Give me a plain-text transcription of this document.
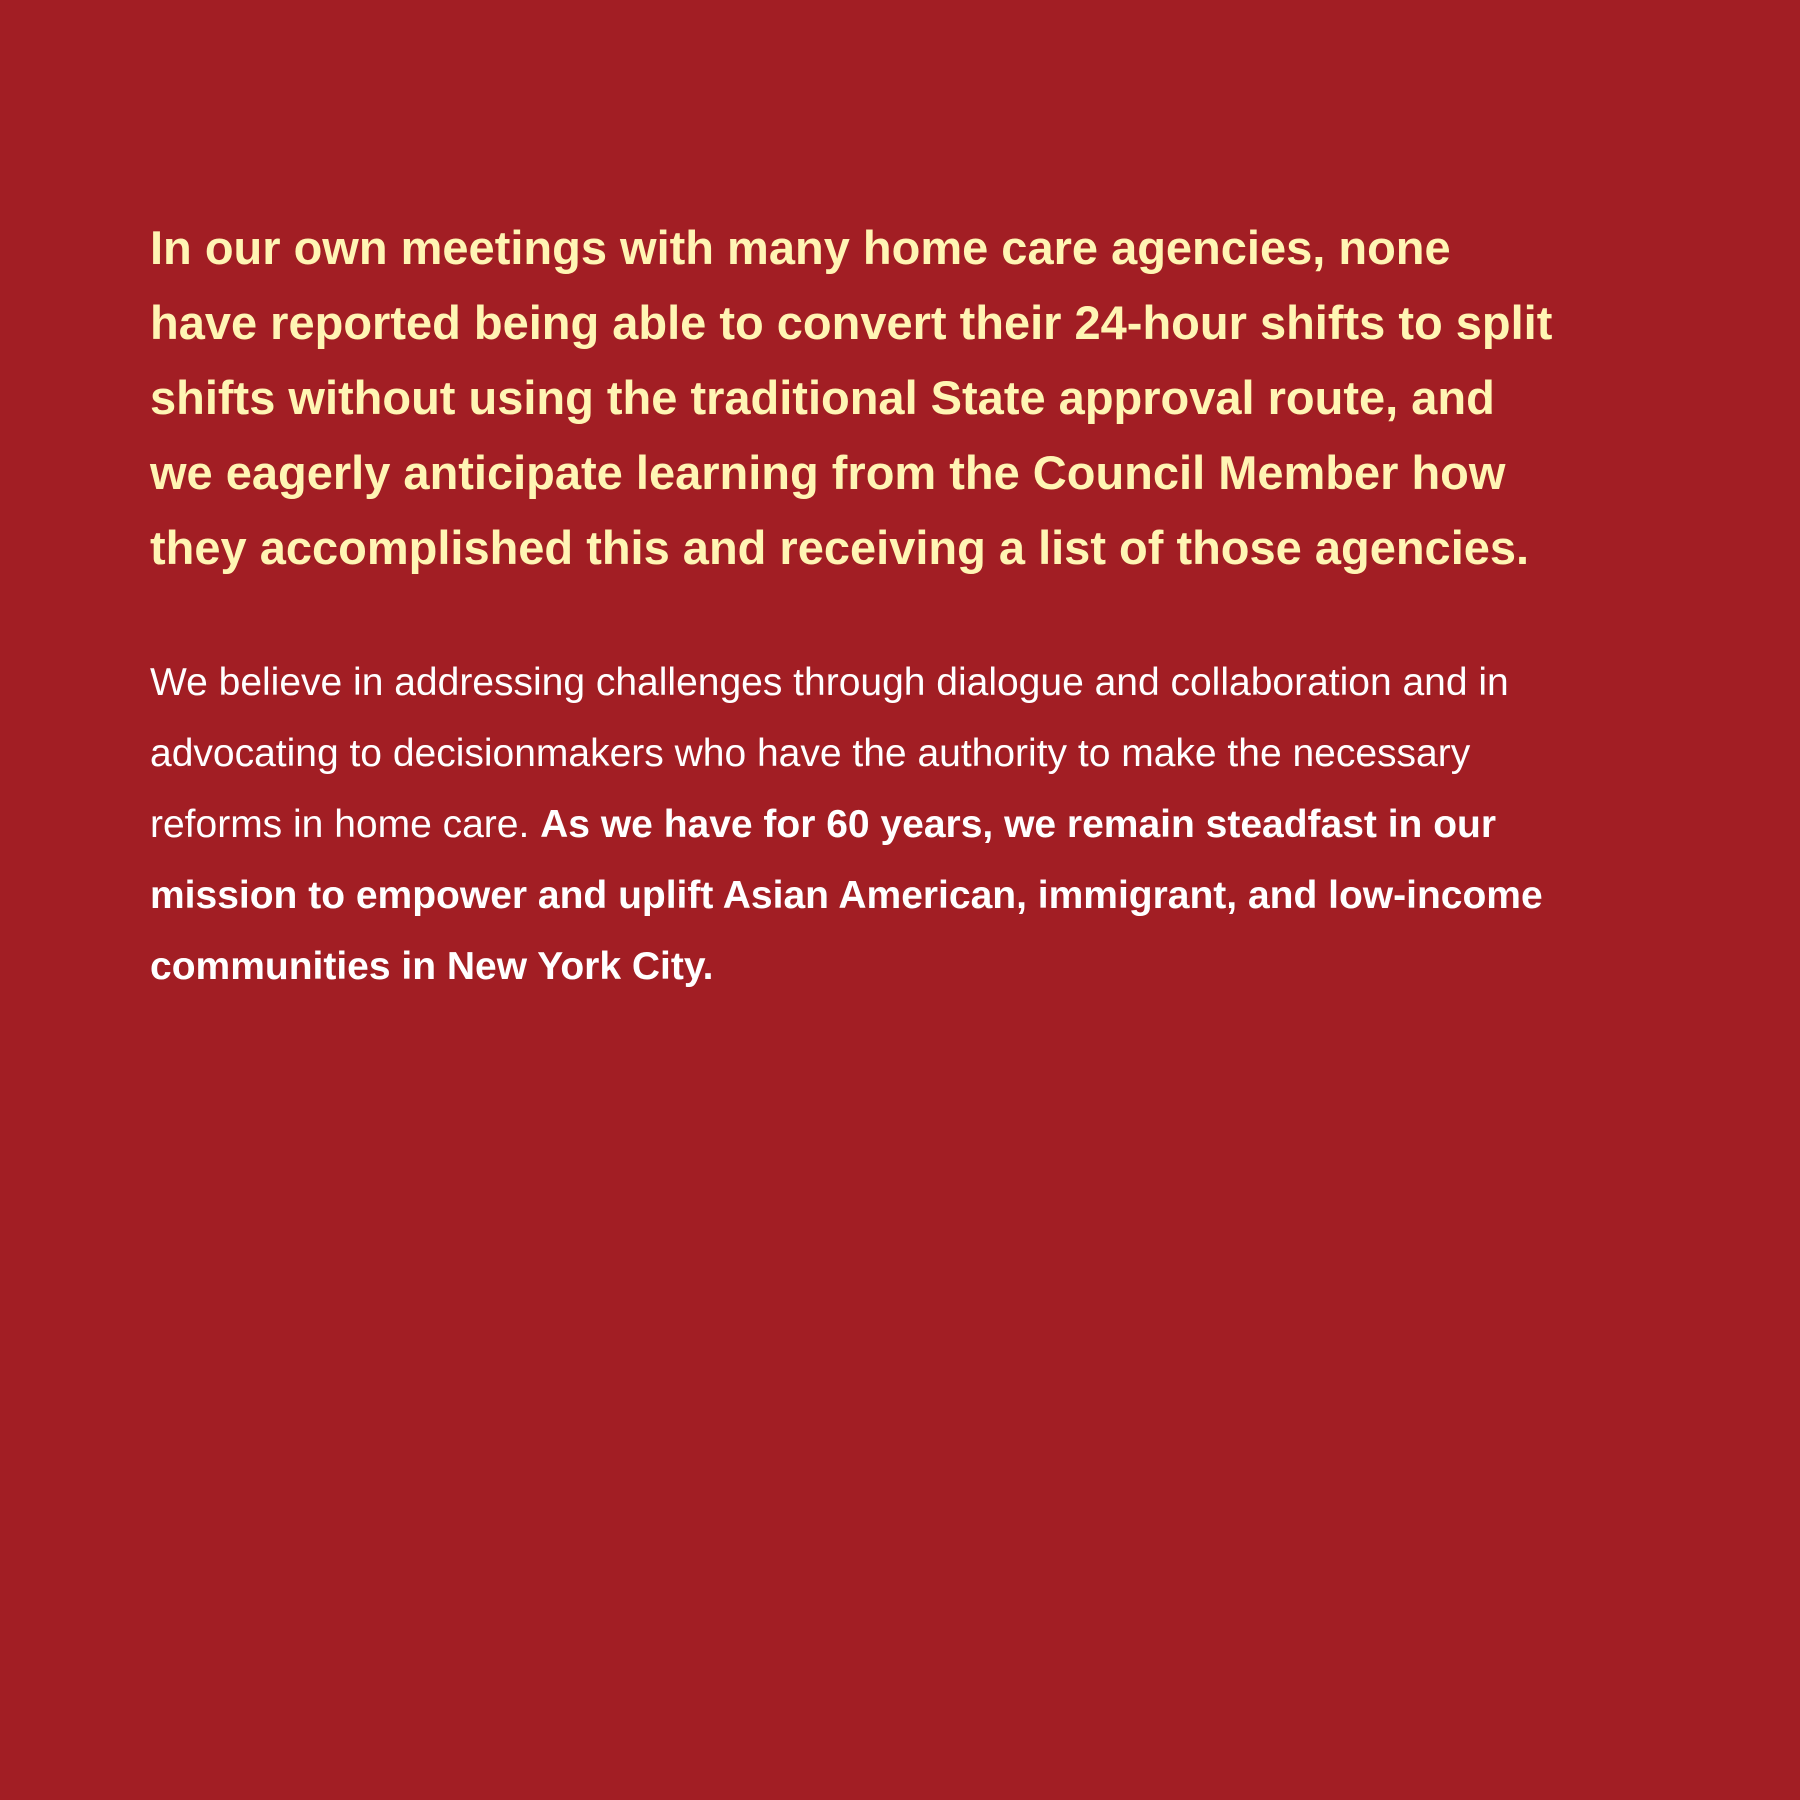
In our own meetings with many home care agencies, none
have reported being able to convert their 24-hour shifts to split
shifts without using the traditional State approval route, and
we eagerly anticipate learning from the Council Member how
they accomplished this and receiving a list of those agencies.

We believe in addressing challenges through dialogue and collaboration and in
advocating to decisionmakers who have the authority to make the necessary
reforms in home care. As we have for 60 years, we remain steadfast in our
mission to empower and uplift Asian American, immigrant, and low-income
communities in New York City.
